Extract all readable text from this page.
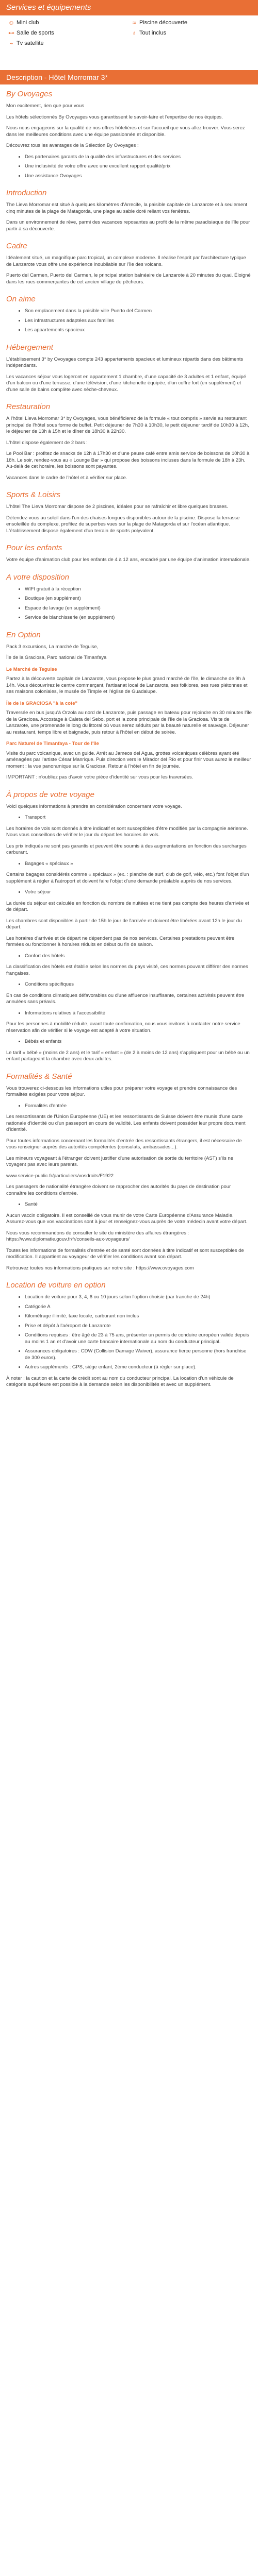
Services et équipements
☺ Mini club	≈ Piscine découverte
⊷ Salle de sports	♁ Tout inclus
⌁ Tv satellite
Description - Hôtel Morromar 3*
By Ovoyages

Mon excitement, rien que pour vous

Les hôtels sélectionnés By Ovoyages vous garantissent le savoir-faire et l'expertise de nos équipes.

Nous nous engageons sur la qualité de nos offres hôtelières et sur l'accueil que vous allez trouver. Vous serez dans les meilleures conditions avec une équipe passionnée et disponible.

Découvrez tous les avantages de la Sélection By Ovoyages :

• Des partenaires garants de la qualité des infrastructures et des services
• Une inclusivité de votre offre avec une excellent rapport qualité/prix
• Une assistance Ovoyages
Introduction

The Lieva Morromar est situé à quelques kilomètres d'Arrecife, la paisible capitale de Lanzarote et à seulement cinq minutes de la plage de Matagorda, une plage au sable doré reliant vos fenêtres.

Dans un environnement de rêve, parmi des vacances reposantes au profit de la même paradisiaque de l'île pour partir à sa découverte.

Cadre

Idéalement situé, un magnifique parc tropical, un complexe moderne. Il réalise l'esprit par l'architecture typique de Lanzarote vous offre une expérience inoubliable sur l'île des volcans.

Puerto del Carmen, Puerto del Carmen, le principal station balnéaire de Lanzarote à 20 minutes du quai. Éloigné dans les rues commerçantes de cet ancien village de pêcheurs.

On aime
• Son emplacement dans la paisible ville Puerto del Carmen
• Les infrastructures adaptées aux familles
• Les appartements spacieux
Hébergement

L'établissement 3* by Ovoyages compte 243 appartements spacieux et lumineux répartis dans des bâtiments indépendants.

Les vacances séjour vous logeront en appartement 1 chambre, d'une capacité de 3 adultes et 1 enfant, équipé d'un balcon ou d'une terrasse, d'une télévision, d'une kitchenette équipée, d'un coffre fort (en supplément) et d'une salle de bains complète avec sèche-cheveux.

Restauration

À l'hôtel Lieva Morromar 3* by Ovoyages, vous bénéficierez de la formule « tout compris » servie au restaurant principal de l'hôtel sous forme de buffet. Petit déjeuner de 7h30 à 10h30, le petit déjeuner tardif de 10h30 à 12h, le déjeuner de 13h à 15h et le dîner de 18h30 à 22h30.

L'hôtel dispose également de 2 bars :

Le Pool Bar : profitez de snacks de 12h à 17h30 et d'une pause café entre amis service de boissons de 10h30 à 18h. Le soir, rendez-vous au « Lounge Bar » qui propose des boissons incluses dans la formule de 18h à 23h. Au-delà de cet horaire, les boissons sont payantes.

Vacances dans le cadre de l'hôtel et à vérifier sur place.

Sports & Loisirs

L'hôtel The Lieva Morromar dispose de 2 piscines, idéales pour se rafraîchir et libre quelques brasses.

Détendez-vous au soleil dans l'un des chaises longues disponibles autour de la piscine. Dispose la terrasse ensoleillée du complexe, profitez de superbes vues sur la plage de Matagorda et sur l'océan atlantique. L'établissement dispose également d'un terrain de sports polyvalent.

Pour les enfants

Votre équipe d'animation club pour les enfants de 4 à 12 ans, encadré par une équipe d'animation internationale.

A votre disposition
• WIFI gratuit à la réception
• Boutique (en supplément)
• Espace de lavage (en supplément)
• Service de blanchisserie (en supplément)
En Option

Pack 3 excursions, La marché de Teguise,

Île de la Graciosa, Parc national de Timanfaya

Le Marché de Teguise

Partez à la découverte capitale de Lanzarote, vous propose le plus grand marché de l'île, le dimanche de 9h à 14h. Vous découvrirez le centre commerçant, l'artisanat local de Lanzarote, ses folklores, ses rues piétonnes et ses maisons coloniales, le musée de Timple et l'église de Guadalupe.

Île de la GRACIOSA "à la cote"

Traversée en bus jusqu'à Orzola au nord de Lanzarote, puis passage en bateau pour rejoindre en 30 minutes l'île de la Graciosa. Accostage à Caleta del Sebo, port et la zone principale de l'île de la Graciosa. Visite de Lanzarote, une promenade le long du littoral où vous serez séduits par la beauté naturelle et sauvage. Déjeuner au restaurant, temps libre et baignade, puis retour à l'hôtel en début de soirée.

Parc Naturel de Timanfaya - Tour de l'île

Visite du parc volcanique, avec un guide. Arrêt au Jameos del Agua, grottes volcaniques célèbres ayant été aménagées par l'artiste César Manrique. Puis direction vers le Mirador del Río et pour finir vous aurez le meilleur moment : la vue panoramique sur la Graciosa. Retour à l'hôtel en fin de journée.

IMPORTANT : n'oubliez pas d'avoir votre pièce d'identité sur vous pour les traversées.

À propos de votre voyage

Voici quelques informations à prendre en considération concernant votre voyage.

• Transport

Les horaires de vols sont donnés à titre indicatif et sont susceptibles d'être modifiés par la compagnie aérienne. Nous vous conseillons de vérifier le jour du départ les horaires de vols.

Les prix indiqués ne sont pas garantis et peuvent être soumis à des augmentations en fonction des surcharges carburant.

• Bagages « spéciaux »

Certains bagages considérés comme « spéciaux » (ex. : planche de surf, club de golf, vélo, etc.) font l'objet d'un supplément à régler à l'aéroport et doivent faire l'objet d'une demande préalable auprès de nos services.

• Votre séjour

La durée du séjour est calculée en fonction du nombre de nuitées et ne tient pas compte des heures d'arrivée et de départ.

Les chambres sont disponibles à partir de 15h le jour de l'arrivée et doivent être libérées avant 12h le jour du départ.

Les horaires d'arrivée et de départ ne dépendent pas de nos services. Certaines prestations peuvent être fermées ou fonctionner à horaires réduits en début ou fin de saison.

• Confort des hôtels

La classification des hôtels est établie selon les normes du pays visité, ces normes pouvant différer des normes françaises.

• Conditions spécifiques

En cas de conditions climatiques défavorables ou d'une affluence insuffisante, certaines activités peuvent être annulées sans préavis.

• Informations relatives à l'accessibilité

Pour les personnes à mobilité réduite, avant toute confirmation, nous vous invitons à contacter notre service réservation afin de vérifier si le voyage est adapté à votre situation.

• Bébés et enfants

Le tarif « bébé » (moins de 2 ans) et le tarif « enfant » (de 2 à moins de 12 ans) s'appliquent pour un bébé ou un enfant partageant la chambre avec deux adultes.

Formalités & Santé

Vous trouverez ci-dessous les informations utiles pour préparer votre voyage et prendre connaissance des formalités exigées pour votre séjour.

• Formalités d'entrée

Les ressortissants de l'Union Européenne (UE) et les ressortissants de Suisse doivent être munis d'une carte nationale d'identité ou d'un passeport en cours de validité. Les enfants doivent posséder leur propre document d'identité.

Pour toutes informations concernant les formalités d'entrée des ressortissants étrangers, il est nécessaire de vous renseigner auprès des autorités compétentes (consulats, ambassades...).

Les mineurs voyageant à l'étranger doivent justifier d'une autorisation de sortie du territoire (AST) s'ils ne voyagent pas avec leurs parents.

www.service-public.fr/particuliers/vosdroits/F1922

Les passagers de nationalité étrangère doivent se rapprocher des autorités du pays de destination pour connaître les conditions d'entrée.

• Santé

Aucun vaccin obligatoire. Il est conseillé de vous munir de votre Carte Européenne d'Assurance Maladie. Assurez-vous que vos vaccinations sont à jour et renseignez-vous auprès de votre médecin avant votre départ.

Nous vous recommandons de consulter le site du ministère des affaires étrangères : https://www.diplomatie.gouv.fr/fr/conseils-aux-voyageurs/

Toutes les informations de formalités d'entrée et de santé sont données à titre indicatif et sont susceptibles de modification. Il appartient au voyageur de vérifier les conditions avant son départ.

Retrouvez toutes nos informations pratiques sur notre site : https://www.ovoyages.com

Location de voiture en option
• Location de voiture pour 3, 4, 6 ou 10 jours selon l'option choisie (par tranche de 24h)
• Catégorie A
• Kilométrage illimité, taxe locale, carburant non inclus
• Prise et dépôt à l'aéroport de Lanzarote
• Conditions requises : être âgé de 23 à 75 ans, présenter un permis de conduire européen valide depuis au moins 1 an et d'avoir une carte bancaire internationale au nom du conducteur principal.
• Assurances obligatoires : CDW (Collision Damage Waiver), assurance tierce personne (hors franchise de 300 euros).
• Autres suppléments : GPS, siège enfant, 2ème conducteur (à régler sur place).

À noter : la caution et la carte de crédit sont au nom du conducteur principal. La location d'un véhicule de catégorie supérieure est possible à la demande selon les disponibilités et avec un supplément.
